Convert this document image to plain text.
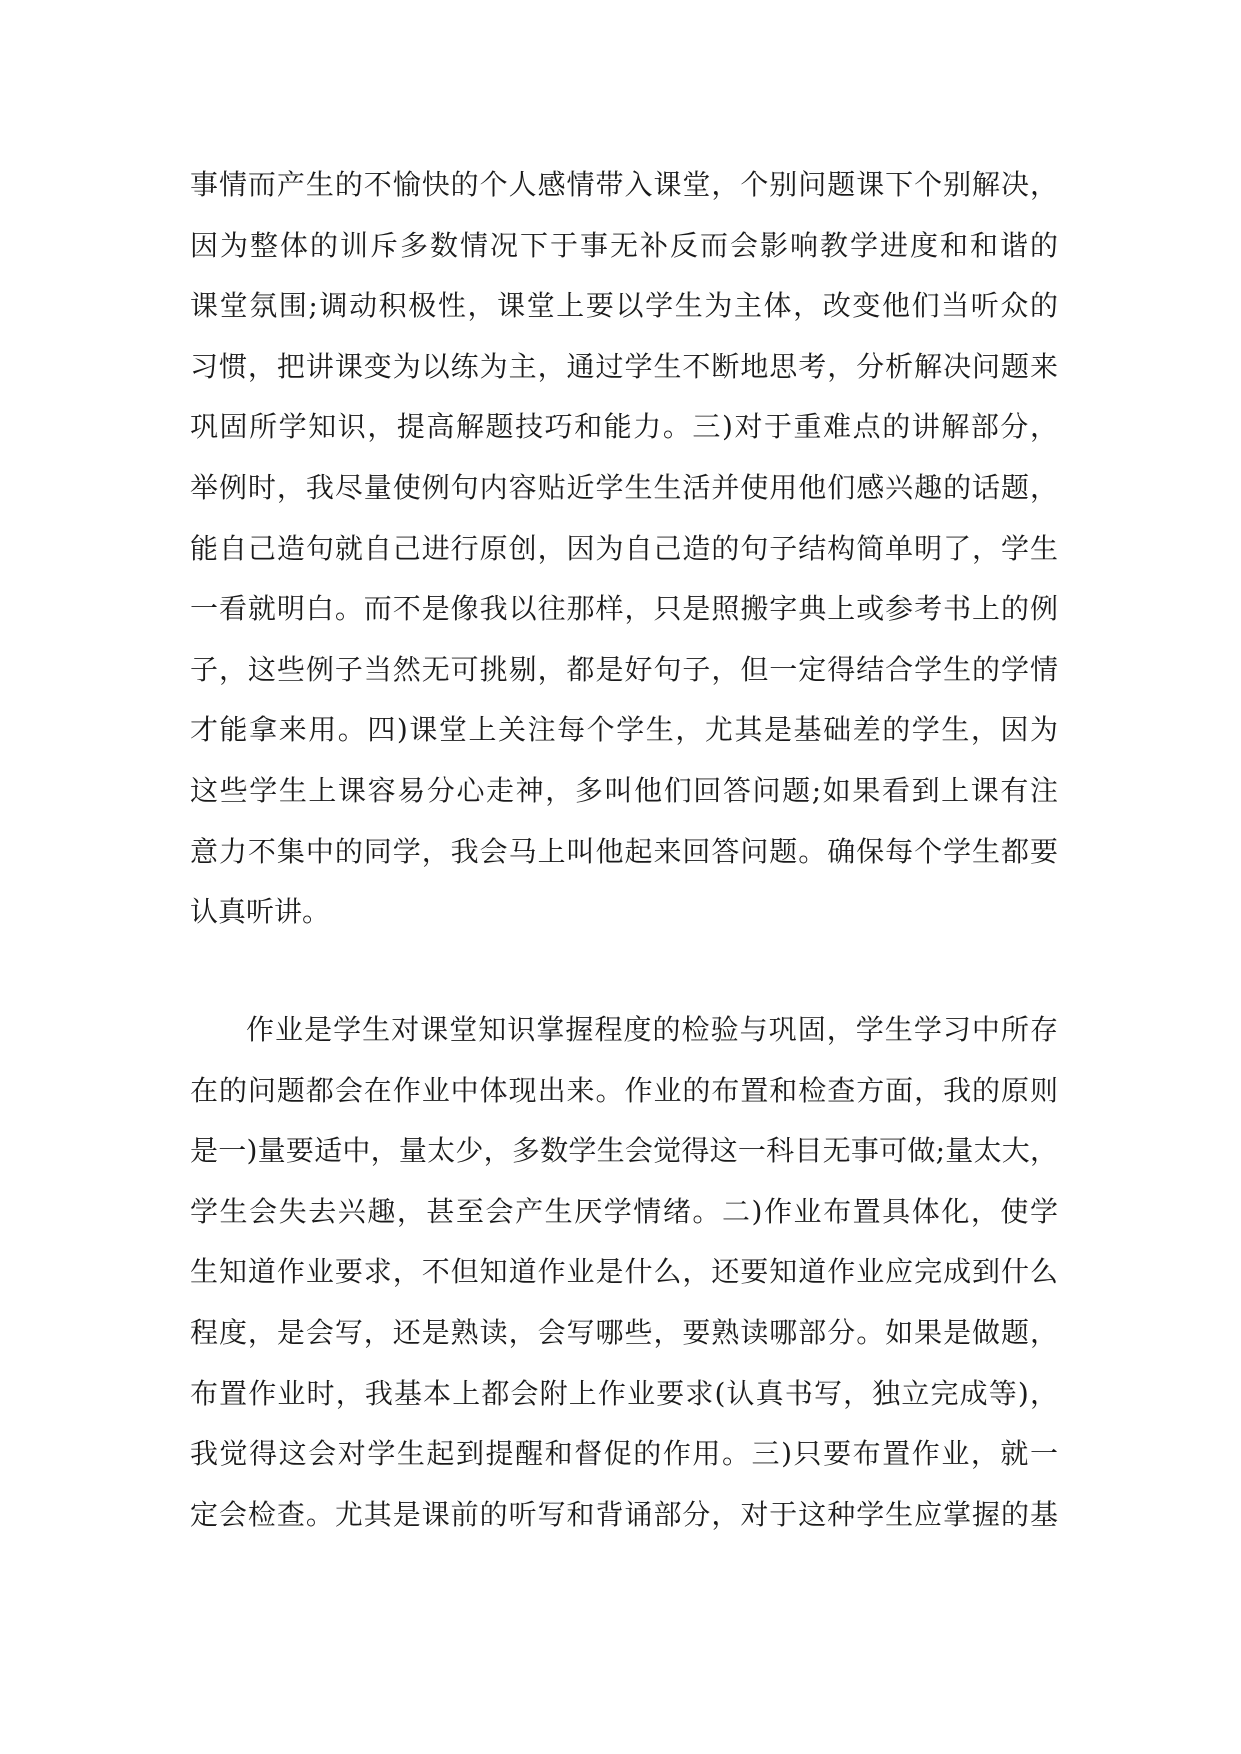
事情而产生的不愉快的个人感情带入课堂，个别问题课下个别解决，
因为整体的训斥多数情况下于事无补反而会影响教学进度和和谐的
课堂氛围;调动积极性，课堂上要以学生为主体，改变他们当听众的
习惯，把讲课变为以练为主，通过学生不断地思考，分析解决问题来
巩固所学知识，提高解题技巧和能力。三)对于重难点的讲解部分，
举例时，我尽量使例句内容贴近学生生活并使用他们感兴趣的话题，
能自己造句就自己进行原创，因为自己造的句子结构简单明了，学生
一看就明白。而不是像我以往那样，只是照搬字典上或参考书上的例
子，这些例子当然无可挑剔，都是好句子，但一定得结合学生的学情
才能拿来用。四)课堂上关注每个学生，尤其是基础差的学生，因为
这些学生上课容易分心走神，多叫他们回答问题;如果看到上课有注
意力不集中的同学，我会马上叫他起来回答问题。确保每个学生都要
认真听讲。
作业是学生对课堂知识掌握程度的检验与巩固，学生学习中所存
在的问题都会在作业中体现出来。作业的布置和检查方面，我的原则
是一)量要适中，量太少，多数学生会觉得这一科目无事可做;量太大，
学生会失去兴趣，甚至会产生厌学情绪。二)作业布置具体化，使学
生知道作业要求，不但知道作业是什么，还要知道作业应完成到什么
程度，是会写，还是熟读，会写哪些，要熟读哪部分。如果是做题，
布置作业时，我基本上都会附上作业要求(认真书写，独立完成等)，
我觉得这会对学生起到提醒和督促的作用。三)只要布置作业，就一
定会检查。尤其是课前的听写和背诵部分，对于这种学生应掌握的基
